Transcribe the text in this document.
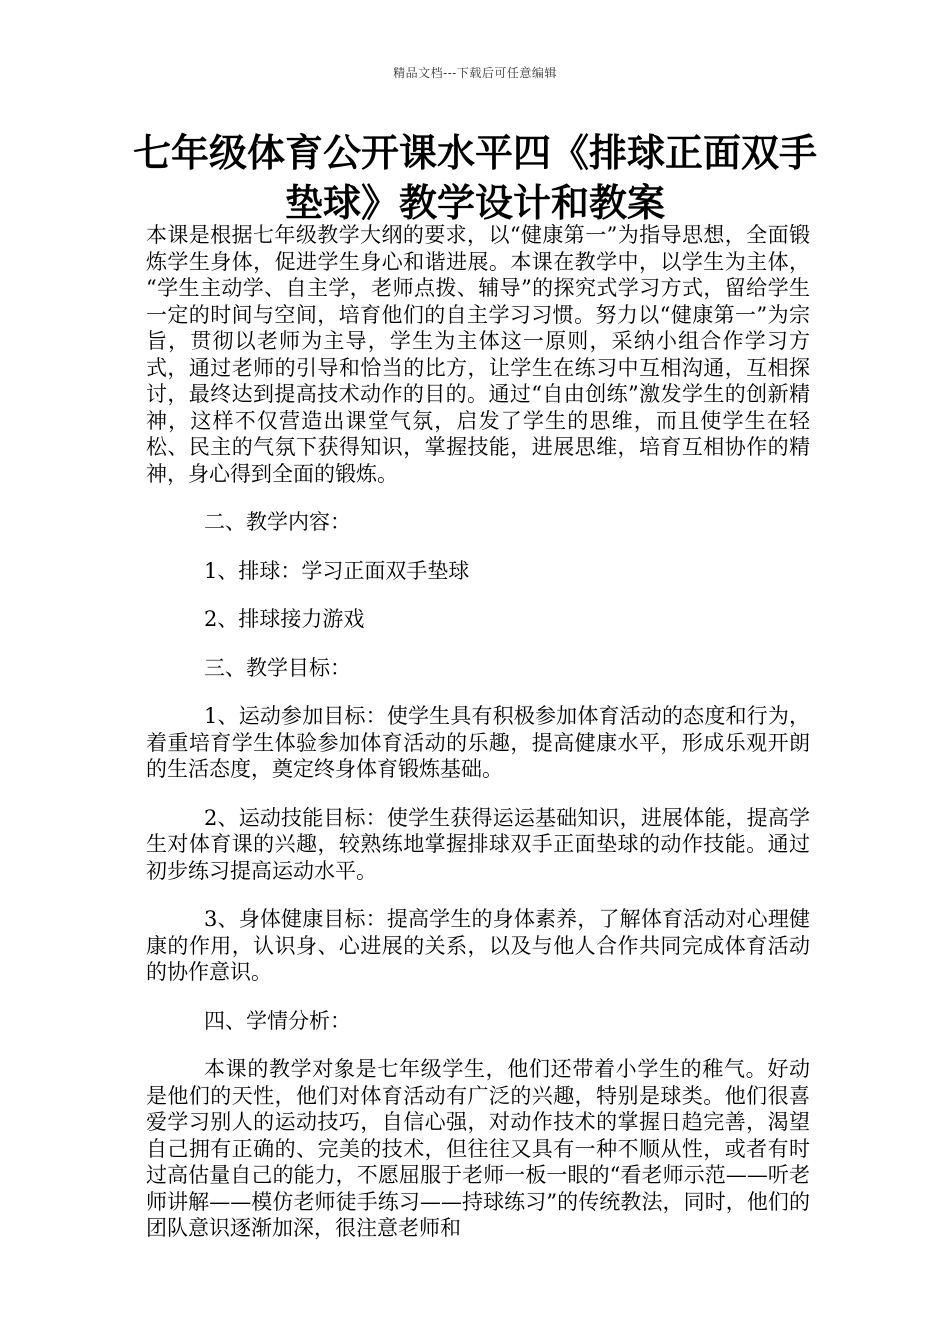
精品文档---下载后可任意编辑
七年级体育公开课水平四《排球正面双手垫球》教学设计和教案

本课是根据七年级教学大纲的要求，以“健康第一”为指导思想，全面锻炼学生身体，促进学生身心和谐进展。本课在教学中，以学生为主体， “学生主动学、自主学，老师点拨、辅导”的探究式学习方式，留给学生一定的时间与空间，培育他们的自主学习习惯。努力以“健康第一”为宗旨，贯彻以老师为主导，学生为主体这一原则，采纳小组合作学习方式，通过老师的引导和恰当的比方，让学生在练习中互相沟通，互相探讨，最终达到提高技术动作的目的。通过“自由创练”激发学生的创新精神，这样不仅营造出课堂气氛，启发了学生的思维，而且使学生在轻松、民主的气氛下获得知识，掌握技能，进展思维，培育互相协作的精神，身心得到全面的锻炼。

二、教学内容：

1、排球：学习正面双手垫球

2、排球接力游戏

三、教学目标：

1、运动参加目标：使学生具有积极参加体育活动的态度和行为，着重培育学生体验参加体育活动的乐趣，提高健康水平，形成乐观开朗的生活态度，奠定终身体育锻炼基础。

2、运动技能目标：使学生获得运运基础知识，进展体能，提高学生对体育课的兴趣，较熟练地掌握排球双手正面垫球的动作技能。通过初步练习提高运动水平。

3、身体健康目标：提高学生的身体素养，了解体育活动对心理健康的作用，认识身、心进展的关系，以及与他人合作共同完成体育活动的协作意识。

四、学情分析：

本课的教学对象是七年级学生，他们还带着小学生的稚气。好动是他们的天性，他们对体育活动有广泛的兴趣，特别是球类。他们很喜爱学习别人的运动技巧，自信心强，对动作技术的掌握日趋完善，渴望自己拥有正确的、完美的技术，但往往又具有一种不顺从性，或者有时过高估量自己的能力，不愿屈服于老师一板一眼的“看老师示范——听老师讲解——模仿老师徒手练习——持球练习”的传统教法，同时，他们的团队意识逐渐加深，很注意老师和
